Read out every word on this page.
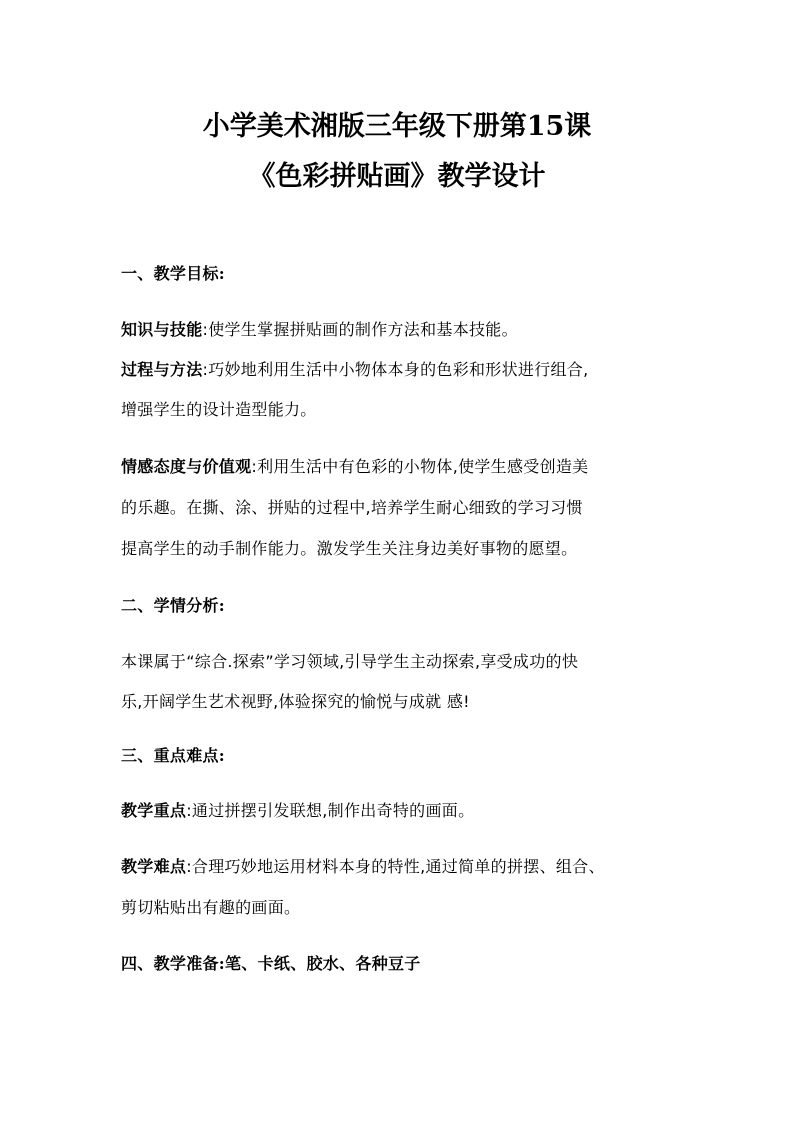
小学美术湘版三年级下册第15课
《色彩拼贴画》教学设计
一、教学目标:
知识与技能:使学生掌握拼贴画的制作方法和基本技能。
过程与方法:巧妙地利用生活中小物体本身的色彩和形状进行组合,
增强学生的设计造型能力。
情感态度与价值观:利用生活中有色彩的小物体,使学生感受创造美
的乐趣。在撕、涂、拼贴的过程中,培养学生耐心细致的学习习惯
提高学生的动手制作能力。激发学生关注身边美好事物的愿望。
二、学情分析:
本课属于“综合.探索”学习领域,引导学生主动探索,享受成功的快
乐,开阔学生艺术视野,体验探究的愉悦与成就 感!
三、重点难点:
教学重点:通过拼摆引发联想,制作出奇特的画面。
教学难点:合理巧妙地运用材料本身的特性,通过简单的拼摆、组合、
剪切粘贴出有趣的画面。
四、教学准备:笔、卡纸、胶水、各种豆子
